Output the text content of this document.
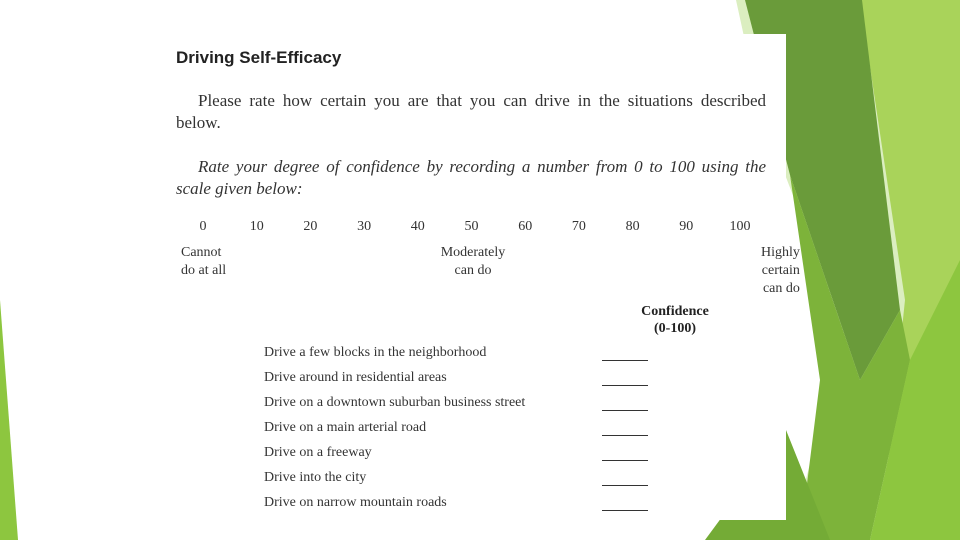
Driving Self-Efficacy
Please rate how certain you are that you can drive in the situations described below.
Rate your degree of confidence by recording a number from 0 to 100 using the scale given below:
0	10	20	30	40	50	60	70	80	90	100
Cannot
do at all
Moderately
can do
Highly certain
can do
Confidence
(0-100)
Drive a few blocks in the neighborhood
Drive around in residential areas
Drive on a downtown suburban business street
Drive on a main arterial road
Drive on a freeway
Drive into the city
Drive on narrow mountain roads
